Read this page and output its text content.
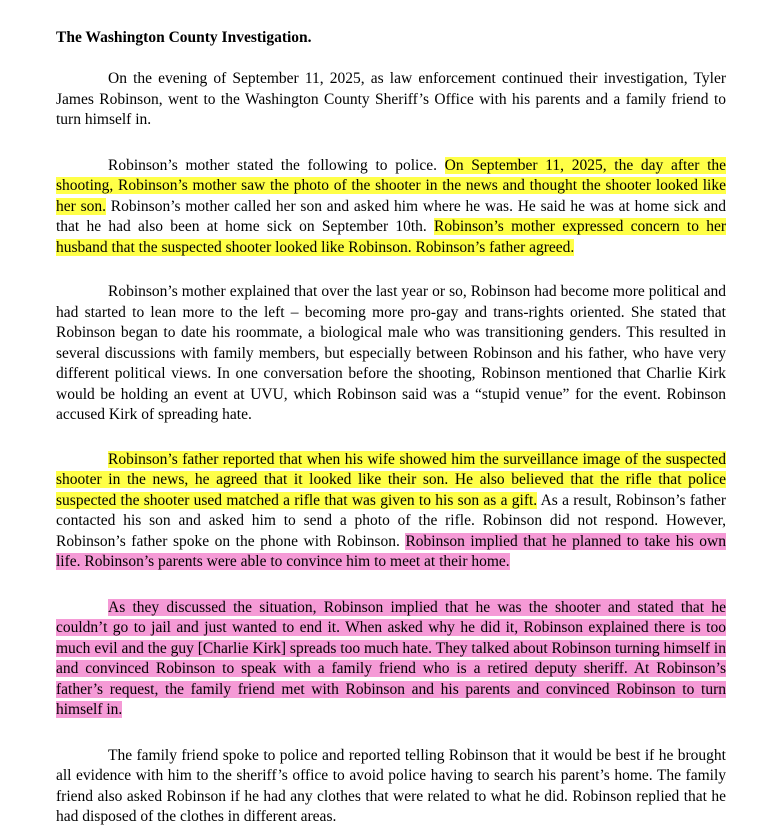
The Washington County Investigation.

On the evening of September 11, 2025, as law enforcement continued their investigation, Tyler James Robinson, went to the Washington County Sheriff’s Office with his parents and a family friend to turn himself in.

Robinson’s mother stated the following to police. On September 11, 2025, the day after the shooting, Robinson’s mother saw the photo of the shooter in the news and thought the shooter looked like her son. Robinson’s mother called her son and asked him where he was. He said he was at home sick and that he had also been at home sick on September 10th. Robinson’s mother expressed concern to her husband that the suspected shooter looked like Robinson. Robinson’s father agreed.

Robinson’s mother explained that over the last year or so, Robinson had become more political and had started to lean more to the left – becoming more pro-gay and trans-rights oriented. She stated that Robinson began to date his roommate, a biological male who was transitioning genders. This resulted in several discussions with family members, but especially between Robinson and his father, who have very different political views. In one conversation before the shooting, Robinson mentioned that Charlie Kirk would be holding an event at UVU, which Robinson said was a “stupid venue” for the event. Robinson accused Kirk of spreading hate.

Robinson’s father reported that when his wife showed him the surveillance image of the suspected shooter in the news, he agreed that it looked like their son. He also believed that the rifle that police suspected the shooter used matched a rifle that was given to his son as a gift. As a result, Robinson’s father contacted his son and asked him to send a photo of the rifle. Robinson did not respond. However, Robinson’s father spoke on the phone with Robinson. Robinson implied that he planned to take his own life. Robinson’s parents were able to convince him to meet at their home.

As they discussed the situation, Robinson implied that he was the shooter and stated that he couldn’t go to jail and just wanted to end it. When asked why he did it, Robinson explained there is too much evil and the guy [Charlie Kirk] spreads too much hate. They talked about Robinson turning himself in and convinced Robinson to speak with a family friend who is a retired deputy sheriff. At Robinson’s father’s request, the family friend met with Robinson and his parents and convinced Robinson to turn himself in.

The family friend spoke to police and reported telling Robinson that it would be best if he brought all evidence with him to the sheriff’s office to avoid police having to search his parent’s home. The family friend also asked Robinson if he had any clothes that were related to what he did. Robinson replied that he had disposed of the clothes in different areas.
